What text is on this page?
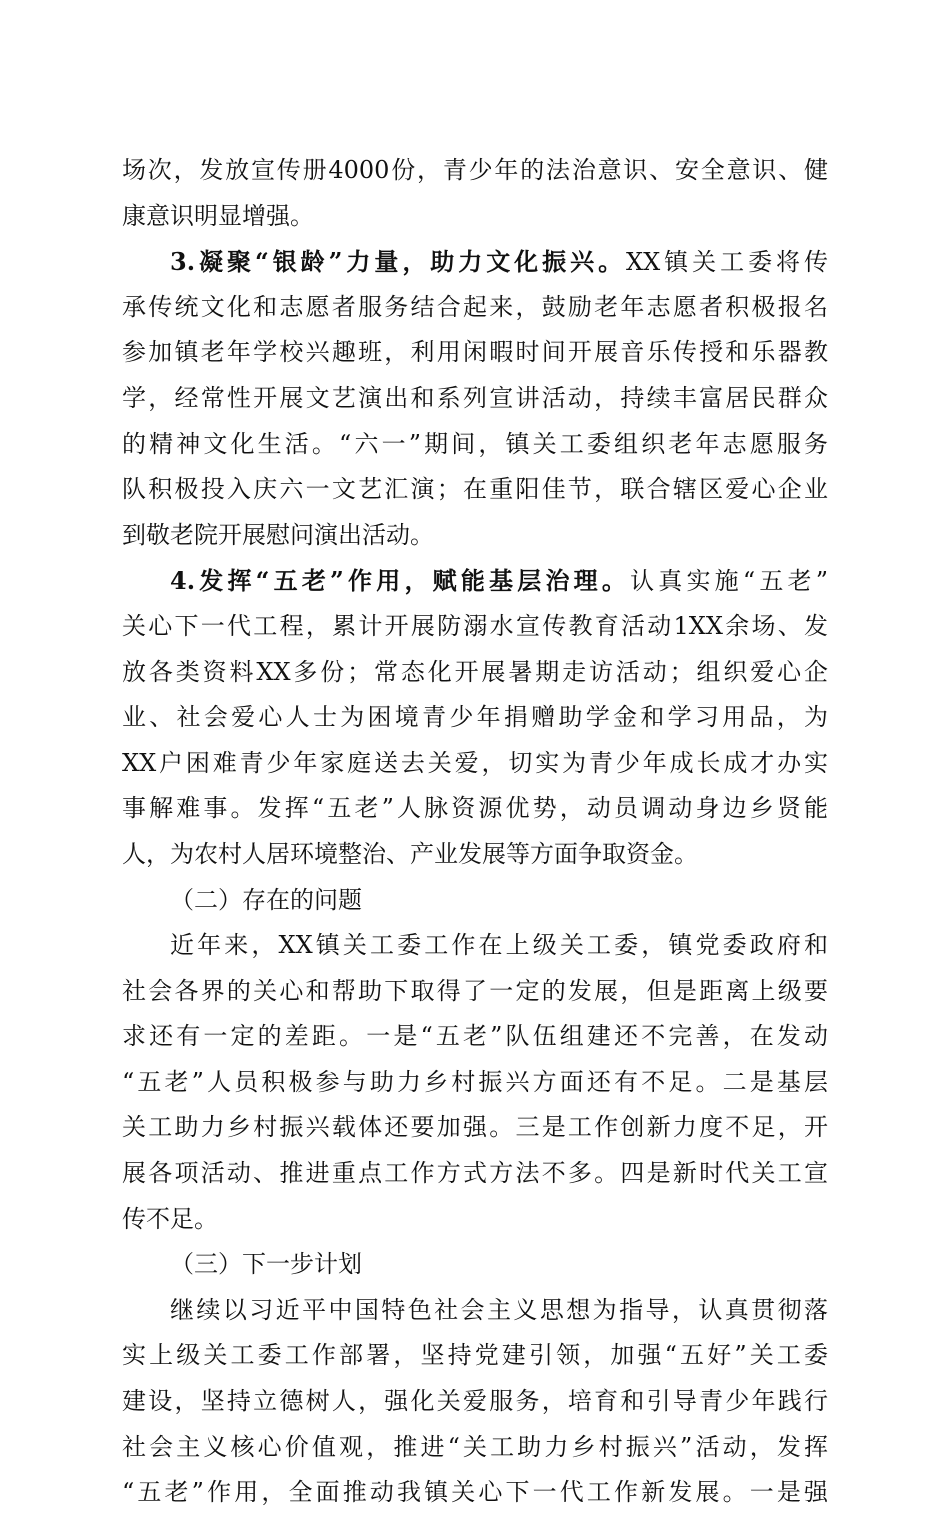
场次，发放宣传册4000份，青少年的法治意识、安全意识、健
康意识明显增强。
3.凝聚“银龄”力量，助力文化振兴。XX镇关工委将传
承传统文化和志愿者服务结合起来，鼓励老年志愿者积极报名
参加镇老年学校兴趣班，利用闲暇时间开展音乐传授和乐器教
学，经常性开展文艺演出和系列宣讲活动，持续丰富居民群众
的精神文化生活。“六一”期间，镇关工委组织老年志愿服务
队积极投入庆六一文艺汇演；在重阳佳节，联合辖区爱心企业
到敬老院开展慰问演出活动。
4.发挥“五老”作用，赋能基层治理。认真实施“五老”
关心下一代工程，累计开展防溺水宣传教育活动1XX余场、发
放各类资料XX多份；常态化开展暑期走访活动；组织爱心企
业、社会爱心人士为困境青少年捐赠助学金和学习用品，为
XX户困难青少年家庭送去关爱，切实为青少年成长成才办实
事解难事。发挥“五老”人脉资源优势，动员调动身边乡贤能
人，为农村人居环境整治、产业发展等方面争取资金。
（二）存在的问题
近年来，XX镇关工委工作在上级关工委，镇党委政府和
社会各界的关心和帮助下取得了一定的发展，但是距离上级要
求还有一定的差距。一是“五老”队伍组建还不完善，在发动
“五老”人员积极参与助力乡村振兴方面还有不足。二是基层
关工助力乡村振兴载体还要加强。三是工作创新力度不足，开
展各项活动、推进重点工作方式方法不多。四是新时代关工宣
传不足。
（三）下一步计划
继续以习近平中国特色社会主义思想为指导，认真贯彻落
实上级关工委工作部署，坚持党建引领，加强“五好”关工委
建设，坚持立德树人，强化关爱服务，培育和引导青少年践行
社会主义核心价值观，推进“关工助力乡村振兴”活动，发挥
“五老”作用，全面推动我镇关心下一代工作新发展。一是强
